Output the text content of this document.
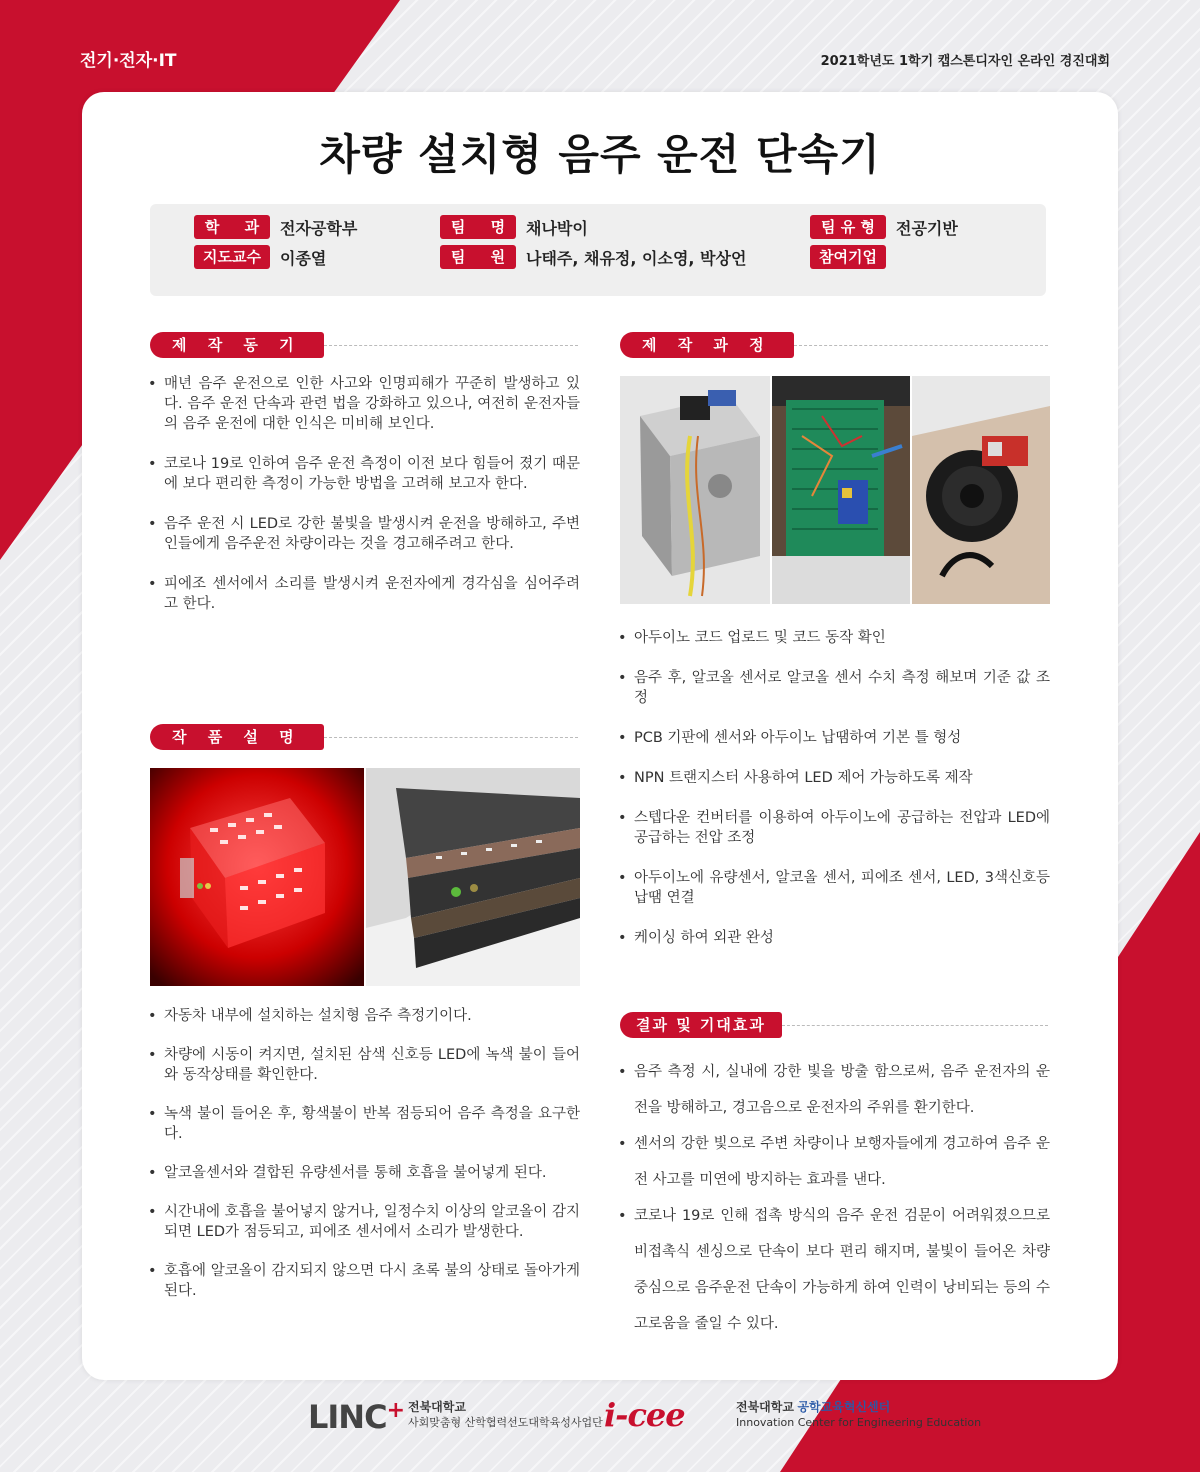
전기·전자·IT	2021학년도 1학기 캡스톤디자인 온라인 경진대회
차량 설치형 음주 운전 단속기
학 과 전자공학부
지도교수	이종열
팀 명 채나박이
팀 원 나태주, 채유정, 이소영, 박상언
팀 유 형	전공기반
참여기업
제 작 동 기
• 매년 음주 운전으로 인한 사고와 인명피해가 꾸준히 발생하고 있다. 음주 운전 단속과 관련 법을 강화하고 있으나, 여전히 운전자들의 음주 운전에 대한 인식은 미비해 보인다.
• 코로나 19로 인하여 음주 운전 측정이 이전 보다 힘들어 졌기 때문에 보다 편리한 측정이 가능한 방법을 고려해 보고자 한다.
• 음주 운전 시 LED로 강한 불빛을 발생시켜 운전을 방해하고, 주변인들에게 음주운전 차량이라는 것을 경고해주려고 한다.
• 피에조 센서에서 소리를 발생시켜 운전자에게 경각심을 심어주려고 한다.
작 품 설 명
• 자동차 내부에 설치하는 설치형 음주 측정기이다.
• 차량에 시동이 켜지면, 설치된 삼색 신호등 LED에 녹색 불이 들어와 동작상태를 확인한다.
• 녹색 불이 들어온 후, 황색불이 반복 점등되어 음주 측정을 요구한다.
• 알코올센서와 결합된 유량센서를 통해 호흡을 불어넣게 된다.
• 시간내에 호흡을 불어넣지 않거나, 일정수치 이상의 알코올이 감지되면 LED가 점등되고, 피에조 센서에서 소리가 발생한다.
• 호흡에 알코올이 감지되지 않으면 다시 초록 불의 상태로 돌아가게 된다.
제 작 과 정
• 아두이노 코드 업로드 및 코드 동작 확인
• 음주 후, 알코올 센서로 알코올 센서 수치 측정 해보며 기준 값 조정
• PCB 기판에 센서와 아두이노 납땜하여 기본 틀 형성
• NPN 트랜지스터 사용하여 LED 제어 가능하도록 제작
• 스텝다운 컨버터를 이용하여 아두이노에 공급하는 전압과 LED에 공급하는 전압 조정
• 아두이노에 유량센서, 알코올 센서, 피에조 센서, LED, 3색신호등 납땜 연결
• 케이싱 하여 외관 완성
결과 및 기대효과
• 음주 측정 시, 실내에 강한 빛을 방출 함으로써, 음주 운전자의 운전을 방해하고, 경고음으로 운전자의 주위를 환기한다.
• 센서의 강한 빛으로 주변 차량이나 보행자들에게 경고하여 음주 운전 사고를 미연에 방지하는 효과를 낸다.
• 코로나 19로 인해 접촉 방식의 음주 운전 검문이 어려워졌으므로 비접촉식 센싱으로 단속이 보다 편리 해지며, 불빛이 들어온 차량 중심으로 음주운전 단속이 가능하게 하여 인력이 낭비되는 등의 수고로움을 줄일 수 있다.
LINC+ 전북대학교
사회맞춤형 산학협력선도대학육성사업단 i-cee	전북대학교 공학교육혁신센터
Innovation Center for Engineering Education
